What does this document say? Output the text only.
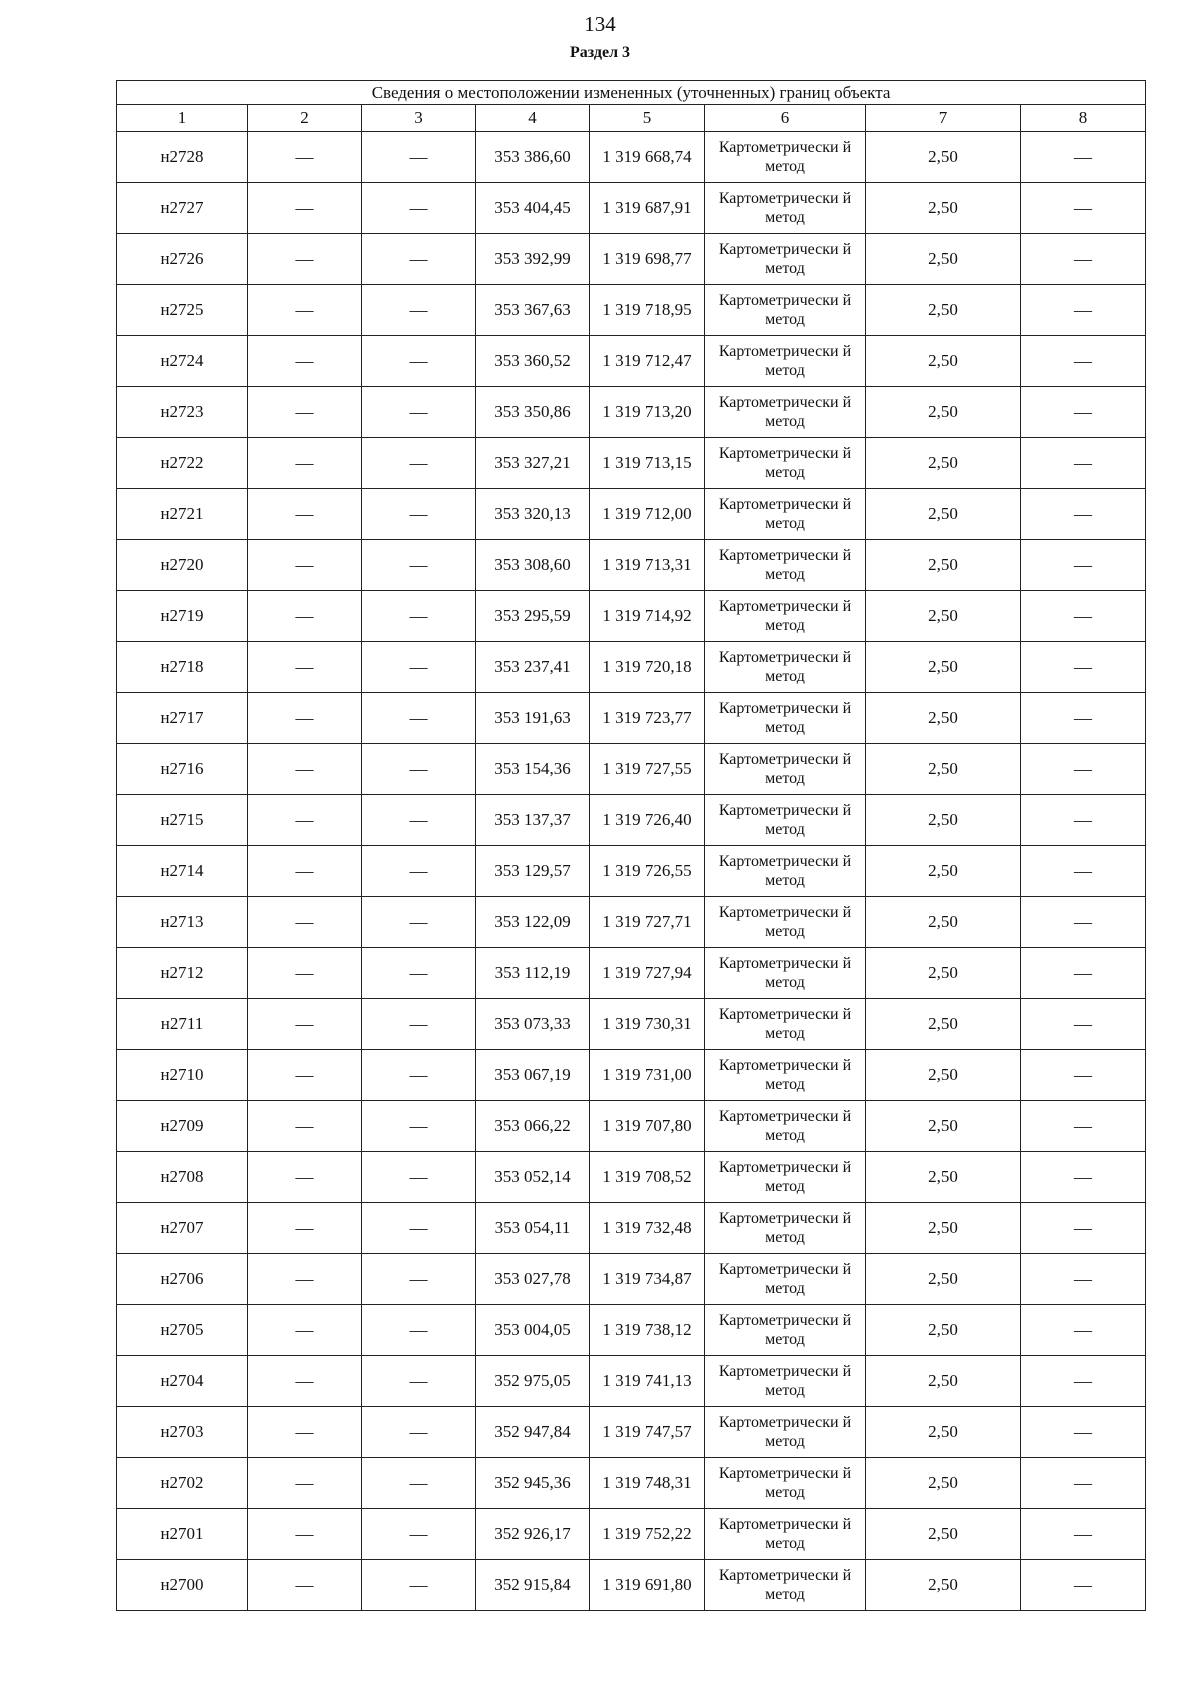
134
Раздел 3
Сведения о местоположении измененных (уточненных) границ объекта							
1	2	3	4	5	6	7	8
н2728	—	—	353 386,60	1 319 668,74	Картометрически й метод	2,50	—
н2727	—	—	353 404,45	1 319 687,91	Картометрически й метод	2,50	—
н2726	—	—	353 392,99	1 319 698,77	Картометрически й метод	2,50	—
н2725	—	—	353 367,63	1 319 718,95	Картометрически й метод	2,50	—
н2724	—	—	353 360,52	1 319 712,47	Картометрически й метод	2,50	—
н2723	—	—	353 350,86	1 319 713,20	Картометрически й метод	2,50	—
н2722	—	—	353 327,21	1 319 713,15	Картометрически й метод	2,50	—
н2721	—	—	353 320,13	1 319 712,00	Картометрически й метод	2,50	—
н2720	—	—	353 308,60	1 319 713,31	Картометрически й метод	2,50	—
н2719	—	—	353 295,59	1 319 714,92	Картометрически й метод	2,50	—
н2718	—	—	353 237,41	1 319 720,18	Картометрически й метод	2,50	—
н2717	—	—	353 191,63	1 319 723,77	Картометрически й метод	2,50	—
н2716	—	—	353 154,36	1 319 727,55	Картометрически й метод	2,50	—
н2715	—	—	353 137,37	1 319 726,40	Картометрически й метод	2,50	—
н2714	—	—	353 129,57	1 319 726,55	Картометрически й метод	2,50	—
н2713	—	—	353 122,09	1 319 727,71	Картометрически й метод	2,50	—
н2712	—	—	353 112,19	1 319 727,94	Картометрически й метод	2,50	—
н2711	—	—	353 073,33	1 319 730,31	Картометрически й метод	2,50	—
н2710	—	—	353 067,19	1 319 731,00	Картометрически й метод	2,50	—
н2709	—	—	353 066,22	1 319 707,80	Картометрически й метод	2,50	—
н2708	—	—	353 052,14	1 319 708,52	Картометрически й метод	2,50	—
н2707	—	—	353 054,11	1 319 732,48	Картометрически й метод	2,50	—
н2706	—	—	353 027,78	1 319 734,87	Картометрически й метод	2,50	—
н2705	—	—	353 004,05	1 319 738,12	Картометрически й метод	2,50	—
н2704	—	—	352 975,05	1 319 741,13	Картометрически й метод	2,50	—
н2703	—	—	352 947,84	1 319 747,57	Картометрически й метод	2,50	—
н2702	—	—	352 945,36	1 319 748,31	Картометрически й метод	2,50	—
н2701	—	—	352 926,17	1 319 752,22	Картометрически й метод	2,50	—
н2700	—	—	352 915,84	1 319 691,80	Картометрически й метод	2,50	—
